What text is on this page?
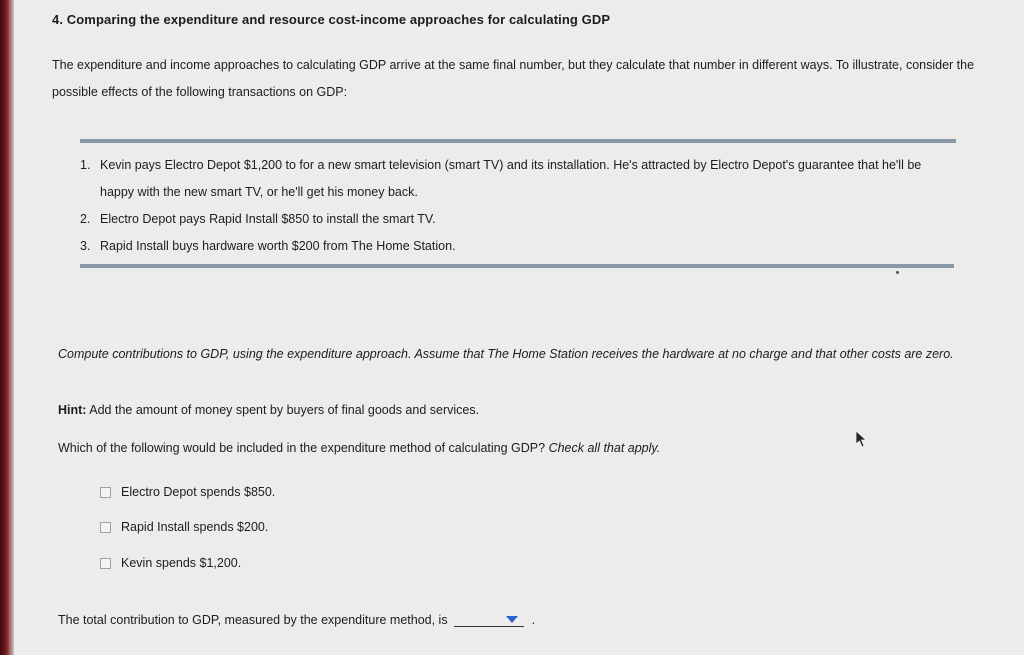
4. Comparing the expenditure and resource cost-income approaches for calculating GDP
The expenditure and income approaches to calculating GDP arrive at the same final number, but they calculate that number in different ways. To illustrate, consider the possible effects of the following transactions on GDP:
1. Kevin pays Electro Depot $1,200 to for a new smart television (smart TV) and its installation. He's attracted by Electro Depot's guarantee that he'll be happy with the new smart TV, or he'll get his money back.
2. Electro Depot pays Rapid Install $850 to install the smart TV.
3. Rapid Install buys hardware worth $200 from The Home Station.
Compute contributions to GDP, using the expenditure approach. Assume that The Home Station receives the hardware at no charge and that other costs are zero.
Hint: Add the amount of money spent by buyers of final goods and services.
Which of the following would be included in the expenditure method of calculating GDP? Check all that apply.
Electro Depot spends $850.
Rapid Install spends $200.
Kevin spends $1,200.
The total contribution to GDP, measured by the expenditure method, is	.
